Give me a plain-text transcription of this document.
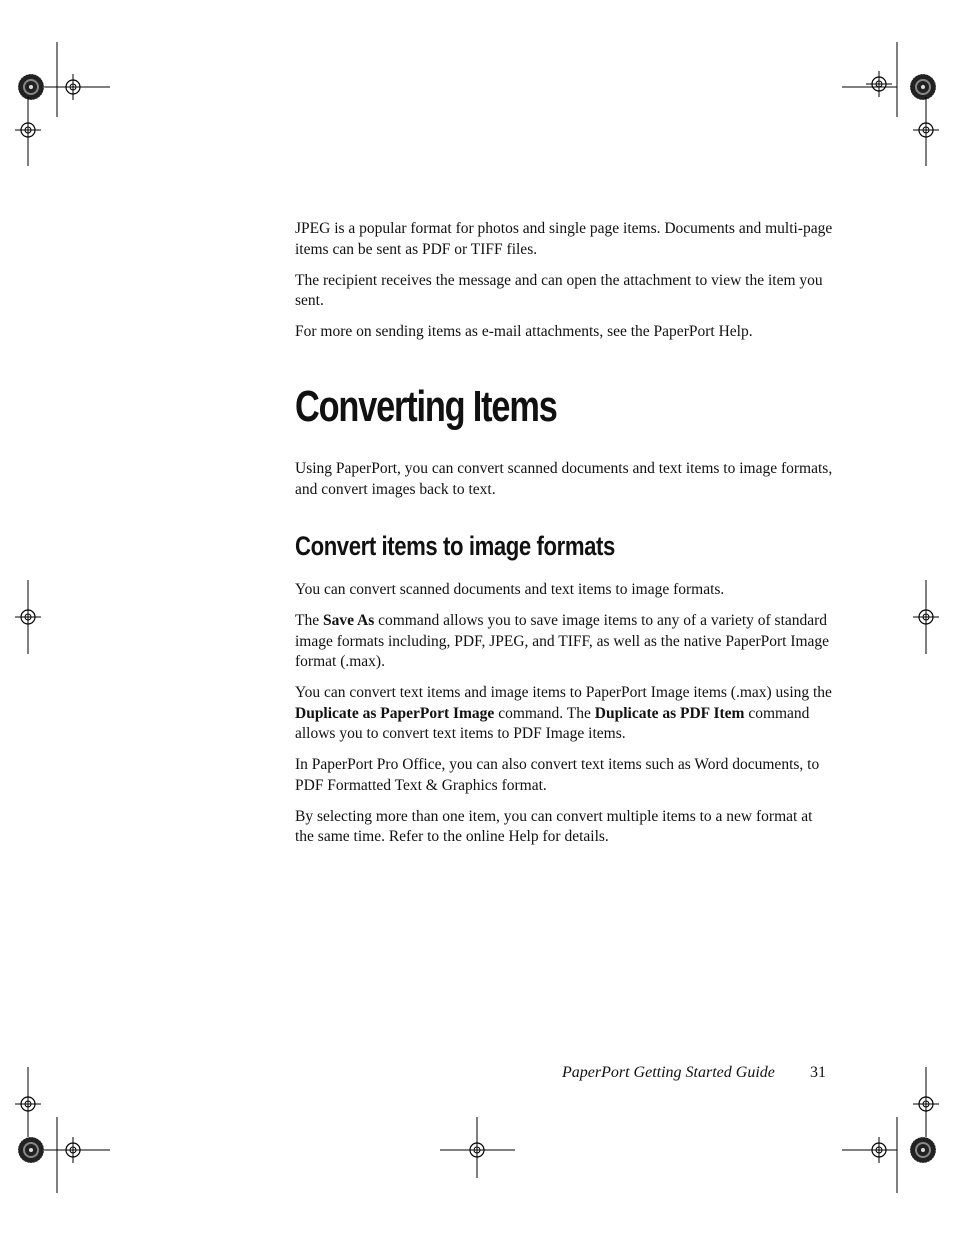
JPEG is a popular format for photos and single page items. Documents and multi-page items can be sent as PDF or TIFF files.

The recipient receives the message and can open the attachment to view the item you sent.

For more on sending items as e-mail attachments, see the PaperPort Help.

Converting Items

Using PaperPort, you can convert scanned documents and text items to image formats, and convert images back to text.

Convert items to image formats

You can convert scanned documents and text items to image formats.

The Save As command allows you to save image items to any of a variety of standard image formats including, PDF, JPEG, and TIFF, as well as the native PaperPort Image format (.max).

You can convert text items and image items to PaperPort Image items (.max) using the Duplicate as PaperPort Image command. The Duplicate as PDF Item command allows you to convert text items to PDF Image items.

In PaperPort Pro Office, you can also convert text items such as Word documents, to PDF Formatted Text & Graphics format.

By selecting more than one item, you can convert multiple items to a new format at the same time. Refer to the online Help for details.

PaperPort Getting Started Guide 31
